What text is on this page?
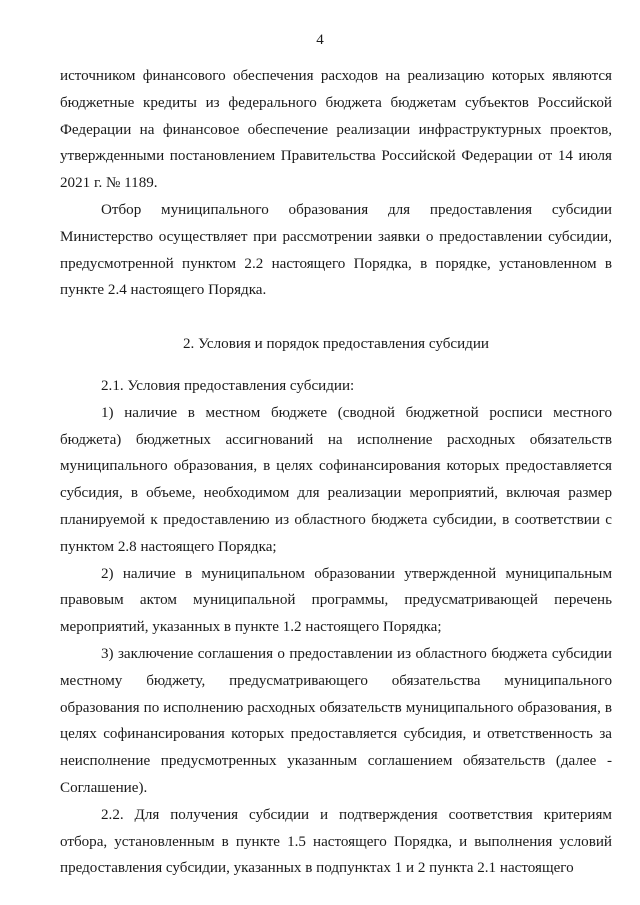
4

источником финансового обеспечения расходов на реализацию которых являются бюджетные кредиты из федерального бюджета бюджетам субъектов Российской Федерации на финансовое обеспечение реализации инфраструктурных проектов, утвержденными постановлением Правительства Российской Федерации от 14 июля 2021 г. № 1189.

Отбор муниципального образования для предоставления субсидии Министерство осуществляет при рассмотрении заявки о предоставлении субсидии, предусмотренной пунктом 2.2 настоящего Порядка, в порядке, установленном в пункте 2.4 настоящего Порядка.

2. Условия и порядок предоставления субсидии

2.1. Условия предоставления субсидии:

1) наличие в местном бюджете (сводной бюджетной росписи местного бюджета) бюджетных ассигнований на исполнение расходных обязательств муниципального образования, в целях софинансирования которых предоставляется субсидия, в объеме, необходимом для реализации мероприятий, включая размер планируемой к предоставлению из областного бюджета субсидии, в соответствии с пунктом 2.8 настоящего Порядка;

2) наличие в муниципальном образовании утвержденной муниципальным правовым актом муниципальной программы, предусматривающей перечень мероприятий, указанных в пункте 1.2 настоящего Порядка;

3) заключение соглашения о предоставлении из областного бюджета субсидии местному бюджету, предусматривающего обязательства муниципального образования по исполнению расходных обязательств муниципального образования, в целях софинансирования которых предоставляется субсидия, и ответственность за неисполнение предусмотренных указанным соглашением обязательств (далее - Соглашение).

2.2. Для получения субсидии и подтверждения соответствия критериям отбора, установленным в пункте 1.5 настоящего Порядка, и выполнения условий предоставления субсидии, указанных в подпунктах 1 и 2 пункта 2.1 настоящего
